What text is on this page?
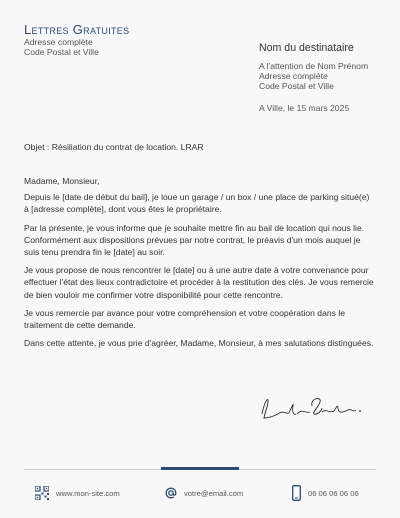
Lettres Gratuites
Adresse complète
Code Postal et Ville	Nom du destinataire
A l'attention de Nom Prénom
Adresse complète
Code Postal et Ville
A Ville, le 15 mars 2025
Objet : Résiliation du contrat de location. LRAR

Madame, Monsieur,

Depuis le [date de début du bail], je loue un garage / un box / une place de parking situé(e) à [adresse complète], dont vous êtes le propriétaire.

Par la présente, je vous informe que je souhaite mettre fin au bail de location qui nous lie. Conformément aux dispositions prévues par notre contrat, le préavis d'un mois auquel je suis tenu prendra fin le [date] au soir.

Je vous propose de nous rencontrer le [date] ou à une autre date à votre convenance pour effectuer l'état des lieux contradictoire et procéder à la restitution des clés. Je vous remercie de bien vouloir me confirmer votre disponibilité pour cette rencontre.

Je vous remercie par avance pour votre compréhension et votre coopération dans le traitement de cette demande.

Dans cette attente, je vous prie d'agréer, Madame, Monsieur, à mes salutations distinguées.

Lettres Gratuites.
www.mon-site.com	votre@email.com	06 06 06 06 06
